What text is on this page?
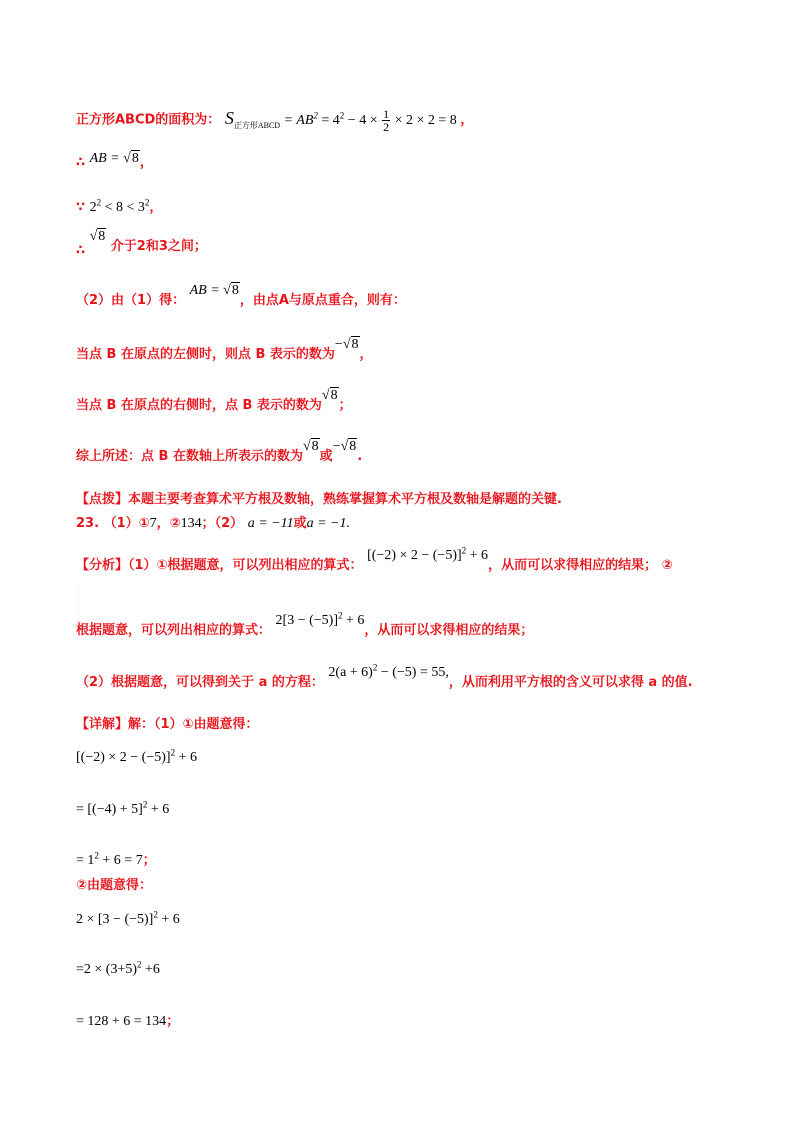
正方形ABCD的面积为： $S_{正方形ABCD} = AB^2 = 4^2 - 4 \times \frac{1}{2} \times 2 \times 2 = 8$ ，
∴ AB = √8，
∵ $2^2 < 8 < 3^2$，
∴ √8 介于2和3之间；
（2）由（1）得： AB = √8，由点A与原点重合，则有：
当点 B 在原点的左侧时，则点 B 表示的数为−√8，
当点 B 在原点的右侧时，点 B 表示的数为√8；
综上所述：点 B 在数轴上所表示的数为√8或−√8.
【点拨】本题主要考查算术平方根及数轴，熟练掌握算术平方根及数轴是解题的关键.
23. （1）①7，②134；（2） a = −11或a = −1.
【分析】（1）①根据题意，可以列出相应的算式： $[(-2) \times 2 - (-5)]^2 + 6$，从而可以求得相应的结果； ②
根据题意，可以列出相应的算式： $2[3 - (-5)]^2 + 6$，从而可以求得相应的结果；
（2）根据题意，可以得到关于 a 的方程： $2(a + 6)^2 - (-5) = 55$,，从而利用平方根的含义可以求得 a 的值.
【详解】解：（1）①由题意得：
$[(-2) \times 2 - (-5)]^2 + 6$
= $[(-4) + 5]^2 + 6$
= $1^2 + 6 = 7$；
②由题意得：
$2 \times [3 - (-5)]^2 + 6$
$=2 \times (3+5)^2 +6$
= 128 + 6 = 134；
